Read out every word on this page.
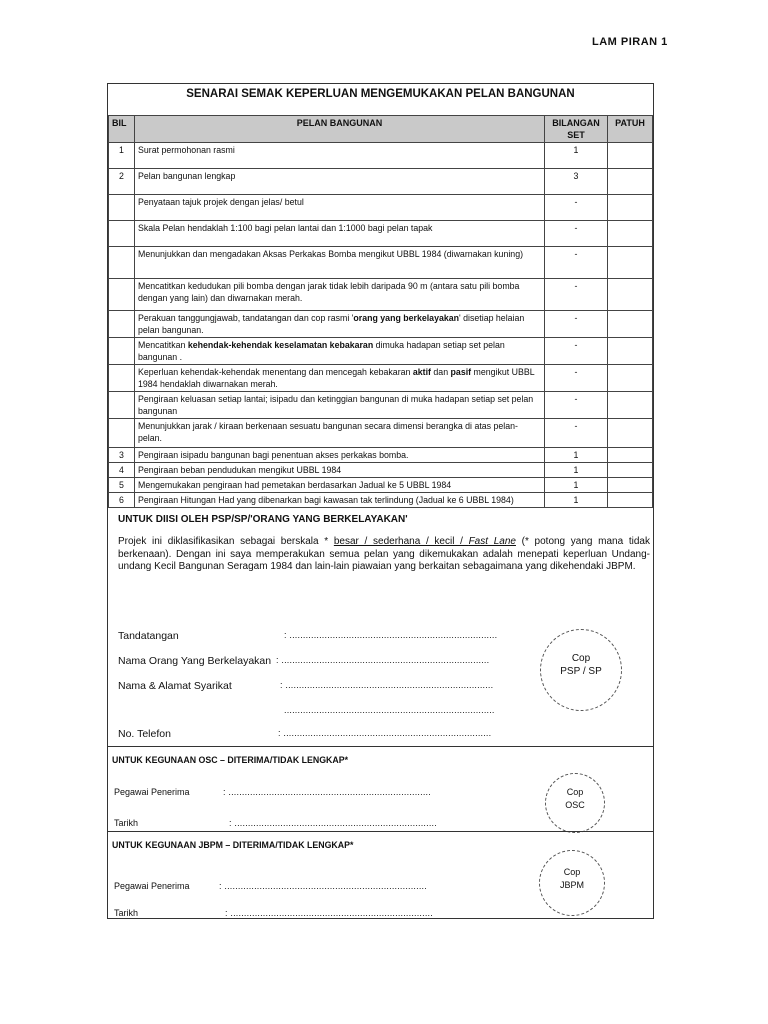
LAM PIRAN 1
SENARAI SEMAK KEPERLUAN MENGEMUKAKAN PELAN BANGUNAN
BIL	PELAN BANGUNAN	BILANGAN SET	PATUH
1	Surat permohonan rasmi	1	
2	Pelan bangunan lengkap	3	
	Penyataan tajuk projek dengan jelas/ betul	-	
	Skala Pelan hendaklah 1:100 bagi pelan lantai dan 1:1000 bagi pelan tapak	-	
	Menunjukkan dan mengadakan Aksas Perkakas Bomba mengikut UBBL 1984 (diwarnakan kuning)	-	
	Mencatitkan kedudukan pili bomba dengan jarak tidak lebih daripada 90 m (antara satu pili bomba dengan yang lain) dan diwarnakan merah.	-	
	Perakuan tanggungjawab, tandatangan dan cop rasmi 'orang yang berkelayakan' disetiap helaian pelan bangunan.	-	
	Mencatitkan kehendak-kehendak keselamatan kebakaran dimuka hadapan setiap set pelan bangunan .	-	
	Keperluan kehendak-kehendak menentang dan mencegah kebakaran aktif dan pasif mengikut UBBL 1984 hendaklah diwarnakan merah.	-	
	Pengiraan keluasan setiap lantai; isipadu dan ketinggian bangunan di muka hadapan setiap set pelan bangunan	-	
	Menunjukkan jarak / kiraan berkenaan sesuatu bangunan secara dimensi berangka di atas pelan-pelan.	-	
3	Pengiraan isipadu bangunan bagi penentuan akses perkakas bomba.	1	
4	Pengiraan beban pendudukan mengikut UBBL 1984	1	
5	Mengemukakan pengiraan had pemetakan berdasarkan Jadual ke 5 UBBL 1984	1	
6	Pengiraan Hitungan Had yang dibenarkan bagi kawasan tak terlindung (Jadual ke 6 UBBL 1984)	1	
UNTUK DIISI OLEH PSP/SP/'ORANG YANG BERKELAYAKAN'
Projek ini diklasifikasikan sebagai berskala * besar / sederhana / kecil / Fast Lane (* potong yang mana tidak berkenaan). Dengan ini saya memperakukan semua pelan yang dikemukakan adalah menepati keperluan Undang-undang Kecil Bangunan Seragam 1984 dan lain-lain piawaian yang berkaitan sebagaimana yang dikehendaki JBPM.
Tandatangan	: .............................................................................
Nama Orang Yang Berkelayakan : .............................................................................
Nama & Alamat Syarikat	: .............................................................................
..............................................................................
No. Telefon	: .............................................................................
Cop
PSP / SP
UNTUK KEGUNAAN OSC – DITERIMA/TIDAK LENGKAP*
Pegawai Penerima	: ...........................................................................
Tarikh	: ...........................................................................
Cop
OSC
UNTUK KEGUNAAN JBPM – DITERIMA/TIDAK LENGKAP*
Pegawai Penerima	: ...........................................................................
Tarikh	: ...........................................................................
Cop
JBPM
